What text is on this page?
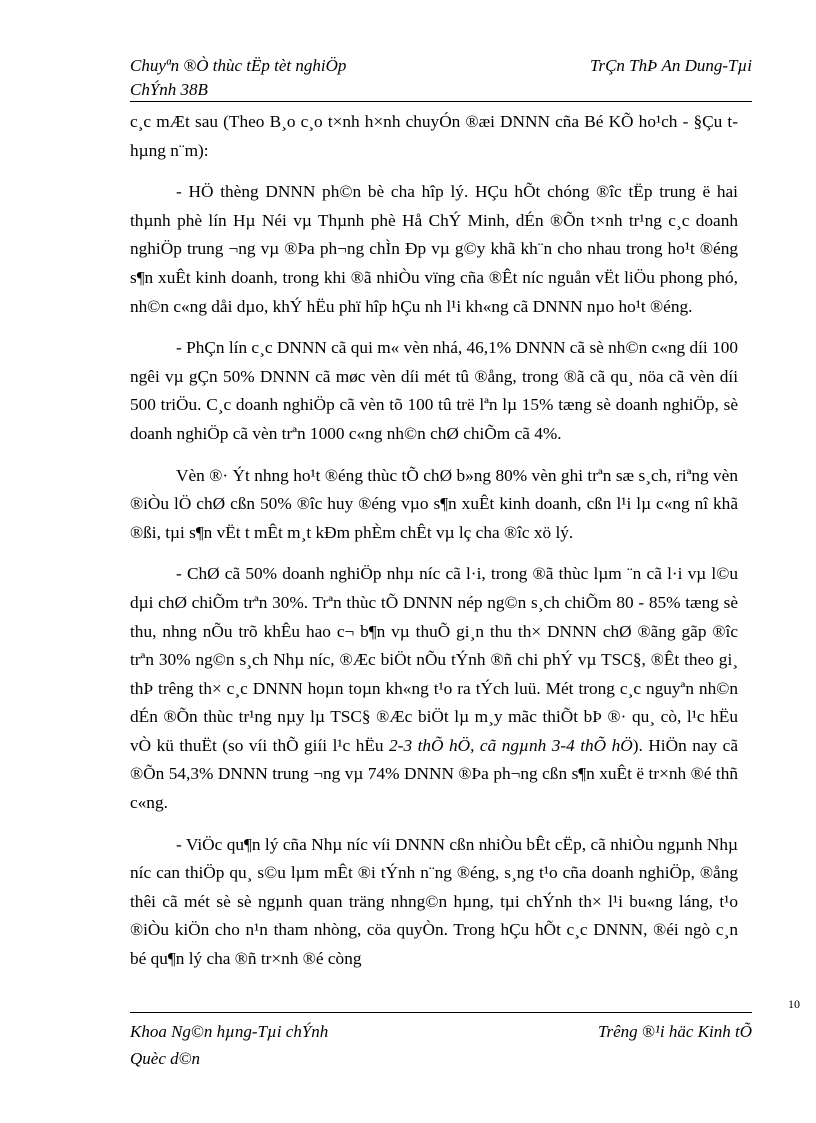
Chuyªn ®Ò thùc tËp tèt nghiÖp	TrÇn ThÞ An Dung-Tµi
ChÝnh 38B

c¸c mÆt sau (Theo B¸o c¸o t×nh h×nh chuyÓn ®æi DNNN cña Bé KÕ ho¹ch - §Çu t hµng n¨m):

- HÖ thèng DNNN ph©n bè cha hîp lý. HÇu hÕt chóng ®îc tËp trung ë hai thµnh phè lín Hµ Néi vµ Thµnh phè Hå ChÝ Minh, dÉn ®Õn t×nh tr¹ng c¸c doanh nghiÖp trung ¬ng vµ ®Þa ph¬ng chÌn Ðp vµ g©y khã kh¨n cho nhau trong ho¹t ®éng s¶n xuÊt kinh doanh, trong khi ®ã nhiÒu vïng cña ®Êt níc nguån vËt liÖu phong phó, nh©n c«ng dåi dµo, khÝ hËu phï hîp hÇu nh l¹i kh«ng cã DNNN nµo ho¹t ®éng.

- PhÇn lín c¸c DNNN cã qui m« vèn nhá, 46,1% DNNN cã sè nh©n c«ng díi 100 ngêi vµ gÇn 50% DNNN cã møc vèn díi mét tû ®ång, trong ®ã cã qu¸ nöa cã vèn díi 500 triÖu. C¸c doanh nghiÖp cã vèn tõ 100 tû trë lªn lµ 15% tæng sè doanh nghiÖp, sè doanh nghiÖp cã vèn trªn 1000 c«ng nh©n chØ chiÕm cã 4%.

Vèn ®· Ýt nhng ho¹t ®éng thùc tÕ chØ b»ng 80% vèn ghi trªn sæ s¸ch, riªng vèn ®iÒu lÖ chØ cßn 50% ®îc huy ®éng vµo s¶n xuÊt kinh doanh, cßn l¹i lµ c«ng nî khã ®ßi, tµi s¶n vËt t mÊt m¸t kÐm phÈm chÊt vµ lç cha ®îc xö lý.

- ChØ cã 50% doanh nghiÖp nhµ níc cã l·i, trong ®ã thùc lµm ¨n cã l·i vµ l©u dµi chØ chiÕm trªn 30%. Trªn thùc tÕ DNNN nép ng©n s¸ch chiÕm 80 - 85% tæng sè thu, nhng nÕu trõ khÊu hao c¬ b¶n vµ thuÕ gi¸n thu th× DNNN chØ ®ãng gãp ®îc trªn 30% ng©n s¸ch Nhµ níc, ®Æc biÖt nÕu tÝnh ®ñ chi phÝ vµ TSC§, ®Êt theo gi¸ thÞ trêng th× c¸c DNNN hoµn toµn kh«ng t¹o ra tÝch luü. Mét trong c¸c nguyªn nh©n dÉn ®Õn thùc tr¹ng nµy lµ TSC§ ®Æc biÖt lµ m¸y mãc thiÕt bÞ ®· qu¸ cò, l¹c hËu vÒ kü thuËt (so víi thÕ giíi l¹c hËu 2-3 thÕ hÖ, cã ngµnh 3-4 thÕ hÖ). HiÖn nay cã ®Õn 54,3% DNNN trung ¬ng vµ 74% DNNN ®Þa ph¬ng cßn s¶n xuÊt ë tr×nh ®é thñ c«ng.

- ViÖc qu¶n lý cña Nhµ níc víi DNNN cßn nhiÒu bÊt cËp, cã nhiÒu ngµnh Nhµ níc can thiÖp qu¸ s©u lµm mÊt ®i tÝnh n¨ng ®éng, s¸ng t¹o cña doanh nghiÖp, ®ång thêi cã mét sè sè ngµnh quan träng nhng©n hµng, tµi chÝnh th× l¹i bu«ng láng, t¹o ®iÒu kiÖn cho n¹n tham nhòng, cöa quyÒn. Trong hÇu hÕt c¸c DNNN, ®éi ngò c¸n bé qu¶n lý cha ®ñ tr×nh ®é còng

10
Khoa Ng©n hµng-Tµi chÝnh
Quèc d©n
Trêng ®¹i häc Kinh tÕ
